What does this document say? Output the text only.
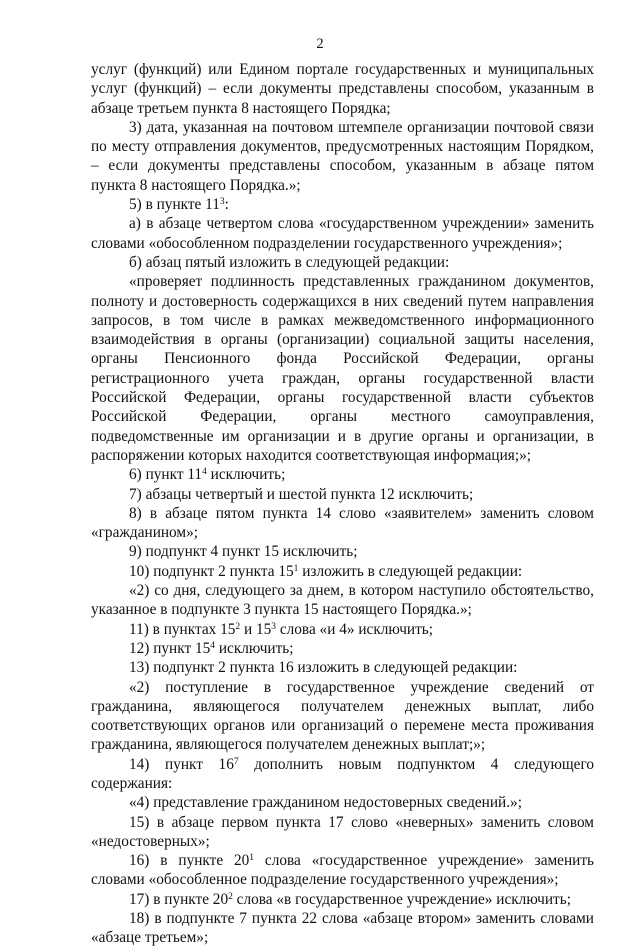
2

услуг (функций) или Едином портале государственных и муниципальных услуг (функций) – если документы представлены способом, указанным в абзаце третьем пункта 8 настоящего Порядка;

3) дата, указанная на почтовом штемпеле организации почтовой связи по месту отправления документов, предусмотренных настоящим Порядком, – если документы представлены способом, указанным в абзаце пятом пункта 8 настоящего Порядка.»;

5) в пункте $11^3$:

а) в абзаце четвертом слова «государственном учреждении» заменить словами «обособленном подразделении государственного учреждения»;

б) абзац пятый изложить в следующей редакции:

«проверяет подлинность представленных гражданином документов, полноту и достоверность содержащихся в них сведений путем направления запросов, в том числе в рамках межведомственного информационного взаимодействия в органы (организации) социальной защиты населения, органы Пенсионного фонда Российской Федерации, органы регистрационного учета граждан, органы государственной власти Российской Федерации, органы государственной власти субъектов Российской Федерации, органы местного самоуправления, подведомственные им организации и в другие органы и организации, в распоряжении которых находится соответствующая информация;»;

6) пункт $11^4$ исключить;

7) абзацы четвертый и шестой пункта 12 исключить;

8) в абзаце пятом пункта 14 слово «заявителем» заменить словом «гражданином»;

9) подпункт 4 пункт 15 исключить;

10) подпункт 2 пункта $15^1$ изложить в следующей редакции:

«2) со дня, следующего за днем, в котором наступило обстоятельство, указанное в подпункте 3 пункта 15 настоящего Порядка.»;

11) в пунктах $15^2$ и $15^3$ слова «и 4» исключить;

12) пункт $15^4$ исключить;

13) подпункт 2 пункта 16 изложить в следующей редакции:

«2) поступление в государственное учреждение сведений от гражданина, являющегося получателем денежных выплат, либо соответствующих органов или организаций о перемене места проживания гражданина, являющегося получателем денежных выплат;»;

14) пункт $16^7$ дополнить новым подпунктом 4 следующего содержания:

«4) представление гражданином недостоверных сведений.»;

15) в абзаце первом пункта 17 слово «неверных» заменить словом «недостоверных»;

16) в пункте $20^1$ слова «государственное учреждение» заменить словами «обособленное подразделение государственного учреждения»;

17) в пункте $20^2$ слова «в государственное учреждение» исключить;

18) в подпункте 7 пункта 22 слова «абзаце втором» заменить словами «абзаце третьем»;
